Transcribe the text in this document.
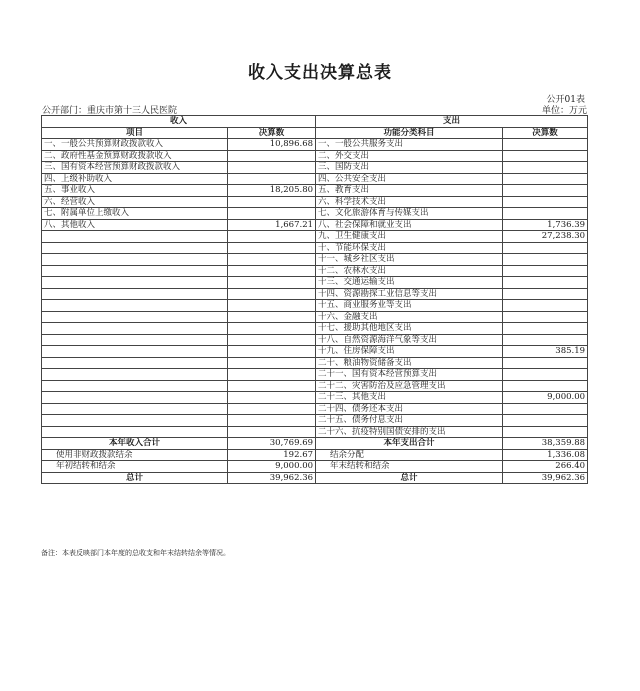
收入支出决算总表
公开01表
公开部门：重庆市第十三人民医院	单位：万元
收入		支出	
项目	决算数	功能分类科目	决算数
一、一般公共预算财政拨款收入	10,896.68	一、一般公共服务支出	
二、政府性基金预算财政拨款收入		二、外交支出	
三、国有资本经营预算财政拨款收入		三、国防支出	
四、上级补助收入		四、公共安全支出	
五、事业收入	18,205.80	五、教育支出	
六、经营收入		六、科学技术支出	
七、附属单位上缴收入		七、文化旅游体育与传媒支出	
八、其他收入	1,667.21	八、社会保障和就业支出	1,736.39
		九、卫生健康支出	27,238.30
		十、节能环保支出	
		十一、城乡社区支出	
		十二、农林水支出	
		十三、交通运输支出	
		十四、资源勘探工业信息等支出	
		十五、商业服务业等支出	
		十六、金融支出	
		十七、援助其他地区支出	
		十八、自然资源海洋气象等支出	
		十九、住房保障支出	385.19
		二十、粮油物资储备支出	
		二十一、国有资本经营预算支出	
		二十二、灾害防治及应急管理支出	
		二十三、其他支出	9,000.00
		二十四、债务还本支出	
		二十五、债务付息支出	
		二十六、抗疫特别国债安排的支出	
本年收入合计	30,769.69	本年支出合计	38,359.88
使用非财政拨款结余	192.67	结余分配	1,336.08
年初结转和结余	9,000.00	年末结转和结余	266.40
总计	39,962.36	总计	39,962.36
备注：本表反映部门本年度的总收支和年末结转结余等情况。
